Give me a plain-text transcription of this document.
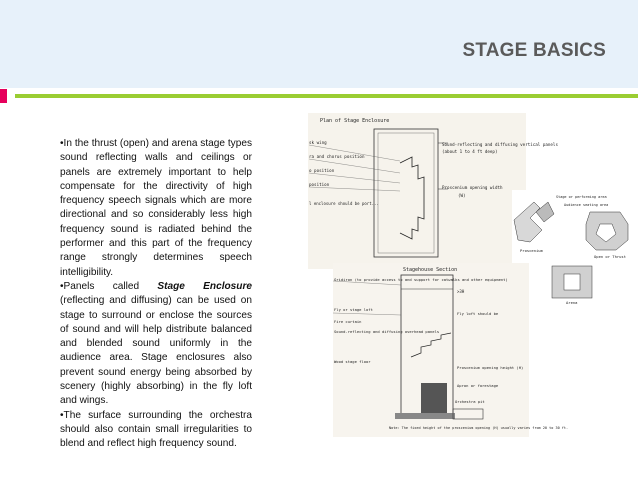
STAGE BASICS

•In the thrust (open) and arena stage types sound reflecting walls and ceilings or panels are extremely important to help compensate for the directivity of high frequency speech signals which are more directional and so considerably less high frequency sound is radiated behind the performer and this part of the frequency range strongly determines speech intelligibility.

•Panels called Stage Enclosure (reflecting and diffusing) can be used on stage to surround or enclose the sources of sound and will help distribute balanced and blended sound uniformly in the audience area. Stage enclosures also prevent sound energy being absorbed by scenery (highly absorbing) in the fly loft and wings.

•The surface surrounding the orchestra should also contain small irregularities to blend and reflect high frequency sound.

Plan of Stage Enclosure
sk wing
ra and chorus position
o position
position
l enclosure should be port...
Sound-reflecting and diffusing vertical panels
(about 1 to 4 ft deep)
Proscenium opening width
(W)	Stage or performing area
Audience seating area
Proscenium
Open or Thrust
Arena
Stagehouse Section
Gridiron (to provide access to and support for catwalks and other equipment)
Fly or stage loft
Fire curtain
Sound-reflecting and diffusing overhead panels
Wood stage floor
Fly loft should be
Proscenium opening height (H)
Apron or forestage
Orchestra pit
>3H
Note: The fixed height of the proscenium opening (H) usually varies from 20 to 30 ft.
